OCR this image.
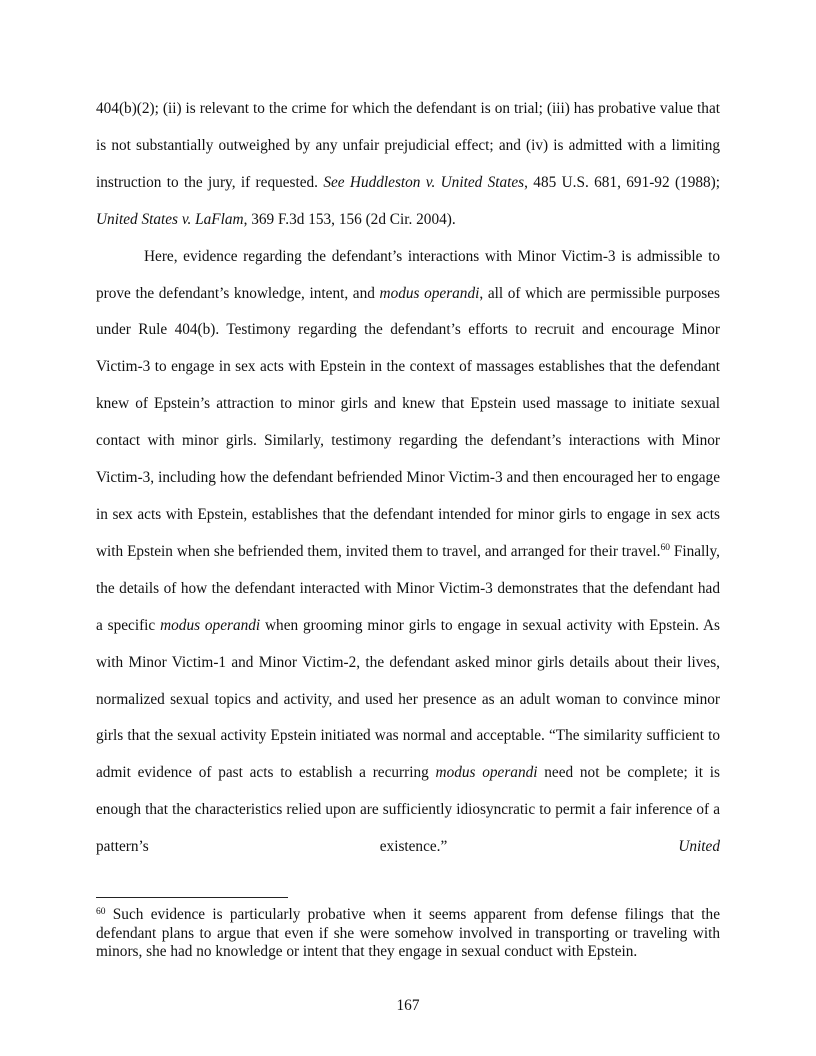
404(b)(2); (ii) is relevant to the crime for which the defendant is on trial; (iii) has probative value that is not substantially outweighed by any unfair prejudicial effect; and (iv) is admitted with a limiting instruction to the jury, if requested. See Huddleston v. United States, 485 U.S. 681, 691-92 (1988); United States v. LaFlam, 369 F.3d 153, 156 (2d Cir. 2004).

Here, evidence regarding the defendant’s interactions with Minor Victim-3 is admissible to prove the defendant’s knowledge, intent, and modus operandi, all of which are permissible purposes under Rule 404(b). Testimony regarding the defendant’s efforts to recruit and encourage Minor Victim-3 to engage in sex acts with Epstein in the context of massages establishes that the defendant knew of Epstein’s attraction to minor girls and knew that Epstein used massage to initiate sexual contact with minor girls. Similarly, testimony regarding the defendant’s interactions with Minor Victim-3, including how the defendant befriended Minor Victim-3 and then encouraged her to engage in sex acts with Epstein, establishes that the defendant intended for minor girls to engage in sex acts with Epstein when she befriended them, invited them to travel, and arranged for their travel.$^{60}$ Finally, the details of how the defendant interacted with Minor Victim-3 demonstrates that the defendant had a specific modus operandi when grooming minor girls to engage in sexual activity with Epstein. As with Minor Victim-1 and Minor Victim-2, the defendant asked minor girls details about their lives, normalized sexual topics and activity, and used her presence as an adult woman to convince minor girls that the sexual activity Epstein initiated was normal and acceptable. “The similarity sufficient to admit evidence of past acts to establish a recurring modus operandi need not be complete; it is enough that the characteristics relied upon are sufficiently idiosyncratic to permit a fair inference of a pattern’s existence.” United

$^{60}$ Such evidence is particularly probative when it seems apparent from defense filings that the defendant plans to argue that even if she were somehow involved in transporting or traveling with minors, she had no knowledge or intent that they engage in sexual conduct with Epstein.

167
